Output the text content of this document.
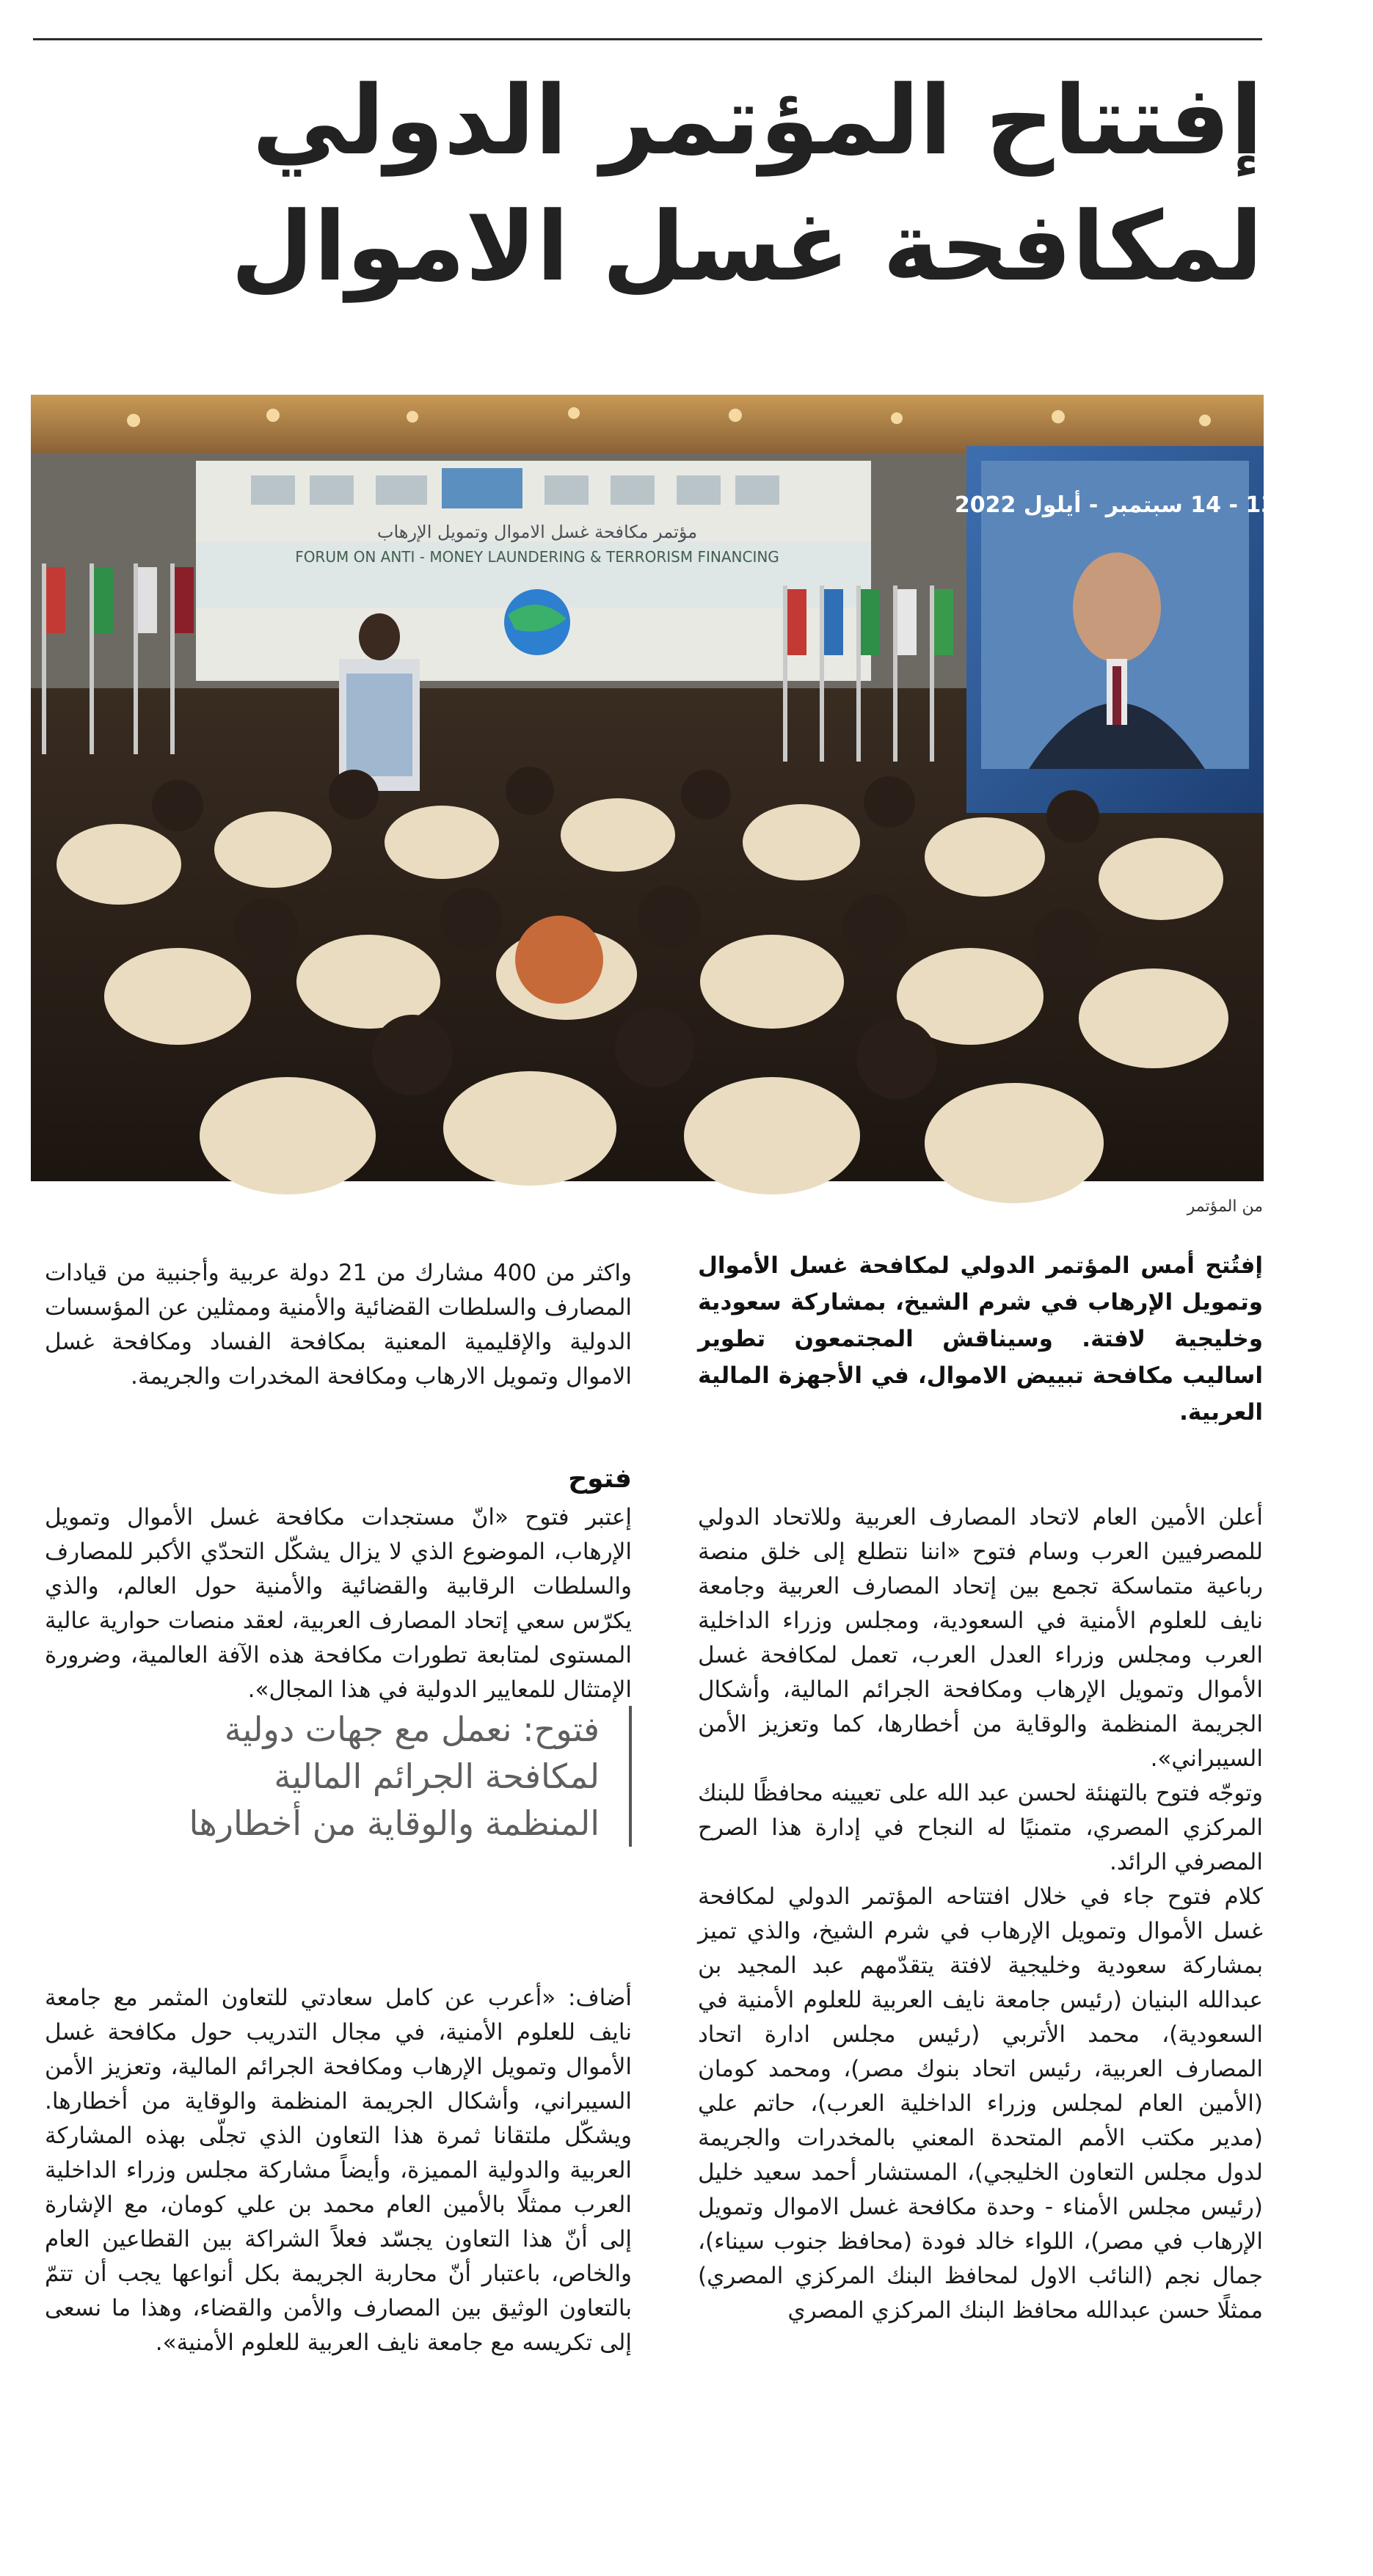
إفتتاح المؤتمر الدولي
لمكافحة غسل الاموال
مؤتمر مكافحة غسل الاموال وتمويل الإرهاب
FORUM ON ANTI - MONEY LAUNDERING & TERRORISM FINANCING
13 - 14 سبتمبر - أيلول 2022
من المؤتمر
إفتُتح أمس المؤتمر الدولي لمكافحة غسل الأموال وتمويل الإرهاب في شرم الشيخ، بمشاركة سعودية وخليجية لافتة. وسيناقش المجتمعون تطوير اساليب مكافحة تبييض الاموال، في الأجهزة المالية العربية.

أعلن الأمين العام لاتحاد المصارف العربية وللاتحاد الدولي للمصرفيين العرب وسام فتوح «اننا نتطلع إلى خلق منصة رباعية متماسكة تجمع بين إتحاد المصارف العربية وجامعة نايف للعلوم الأمنية في السعودية، ومجلس وزراء الداخلية العرب ومجلس وزراء العدل العرب، تعمل لمكافحة غسل الأموال وتمويل الإرهاب ومكافحة الجرائم المالية، وأشكال الجريمة المنظمة والوقاية من أخطارها، كما وتعزيز الأمن السيبراني».

وتوجّه فتوح بالتهنئة لحسن عبد الله على تعيينه محافظًا للبنك المركزي المصري، متمنيًا له النجاح في إدارة هذا الصرح المصرفي الرائد.

كلام فتوح جاء في خلال افتتاحه المؤتمر الدولي لمكافحة غسل الأموال وتمويل الإرهاب في شرم الشيخ، والذي تميز بمشاركة سعودية وخليجية لافتة يتقدّمهم عبد المجيد بن عبدالله البنيان (رئيس جامعة نايف العربية للعلوم الأمنية في السعودية)، محمد الأتربي (رئيس مجلس ادارة اتحاد المصارف العربية، رئيس اتحاد بنوك مصر)، ومحمد كومان (الأمين العام لمجلس وزراء الداخلية العرب)، حاتم علي (مدير مكتب الأمم المتحدة المعني بالمخدرات والجريمة لدول مجلس التعاون الخليجي)، المستشار أحمد سعيد خليل (رئيس مجلس الأمناء - وحدة مكافحة غسل الاموال وتمويل الإرهاب في مصر)، اللواء خالد فودة (محافظ جنوب سيناء)، جمال نجم (النائب الاول لمحافظ البنك المركزي المصري) ممثلًا حسن عبدالله محافظ البنك المركزي المصري

واكثر من 400 مشارك من 21 دولة عربية وأجنبية من قيادات المصارف والسلطات القضائية والأمنية وممثلين عن المؤسسات الدولية والإقليمية المعنية بمكافحة الفساد ومكافحة غسل الاموال وتمويل الارهاب ومكافحة المخدرات والجريمة.
فتوح
إعتبر فتوح «انّ مستجدات مكافحة غسل الأموال وتمويل الإرهاب، الموضوع الذي لا يزال يشكّل التحدّي الأكبر للمصارف والسلطات الرقابية والقضائية والأمنية حول العالم، والذي يكرّس سعي إتحاد المصارف العربية، لعقد منصات حوارية عالية المستوى لمتابعة تطورات مكافحة هذه الآفة العالمية، وضرورة الإمتثال للمعايير الدولية في هذا المجال».
فتوح: نعمل مع جهات دولية
لمكافحة الجرائم المالية
المنظمة والوقاية من أخطارها
أضاف: «أعرب عن كامل سعادتي للتعاون المثمر مع جامعة نايف للعلوم الأمنية، في مجال التدريب حول مكافحة غسل الأموال وتمويل الإرهاب ومكافحة الجرائم المالية، وتعزيز الأمن السيبراني، وأشكال الجريمة المنظمة والوقاية من أخطارها. ويشكّل ملتقانا ثمرة هذا التعاون الذي تجلّى بهذه المشاركة العربية والدولية المميزة، وأيضاً مشاركة مجلس وزراء الداخلية العرب ممثلًا بالأمين العام محمد بن علي كومان، مع الإشارة إلى أنّ هذا التعاون يجسّد فعلاً الشراكة بين القطاعين العام والخاص، باعتبار أنّ محاربة الجريمة بكل أنواعها يجب أن تتمّ بالتعاون الوثيق بين المصارف والأمن والقضاء، وهذا ما نسعى إلى تكريسه مع جامعة نايف العربية للعلوم الأمنية».
